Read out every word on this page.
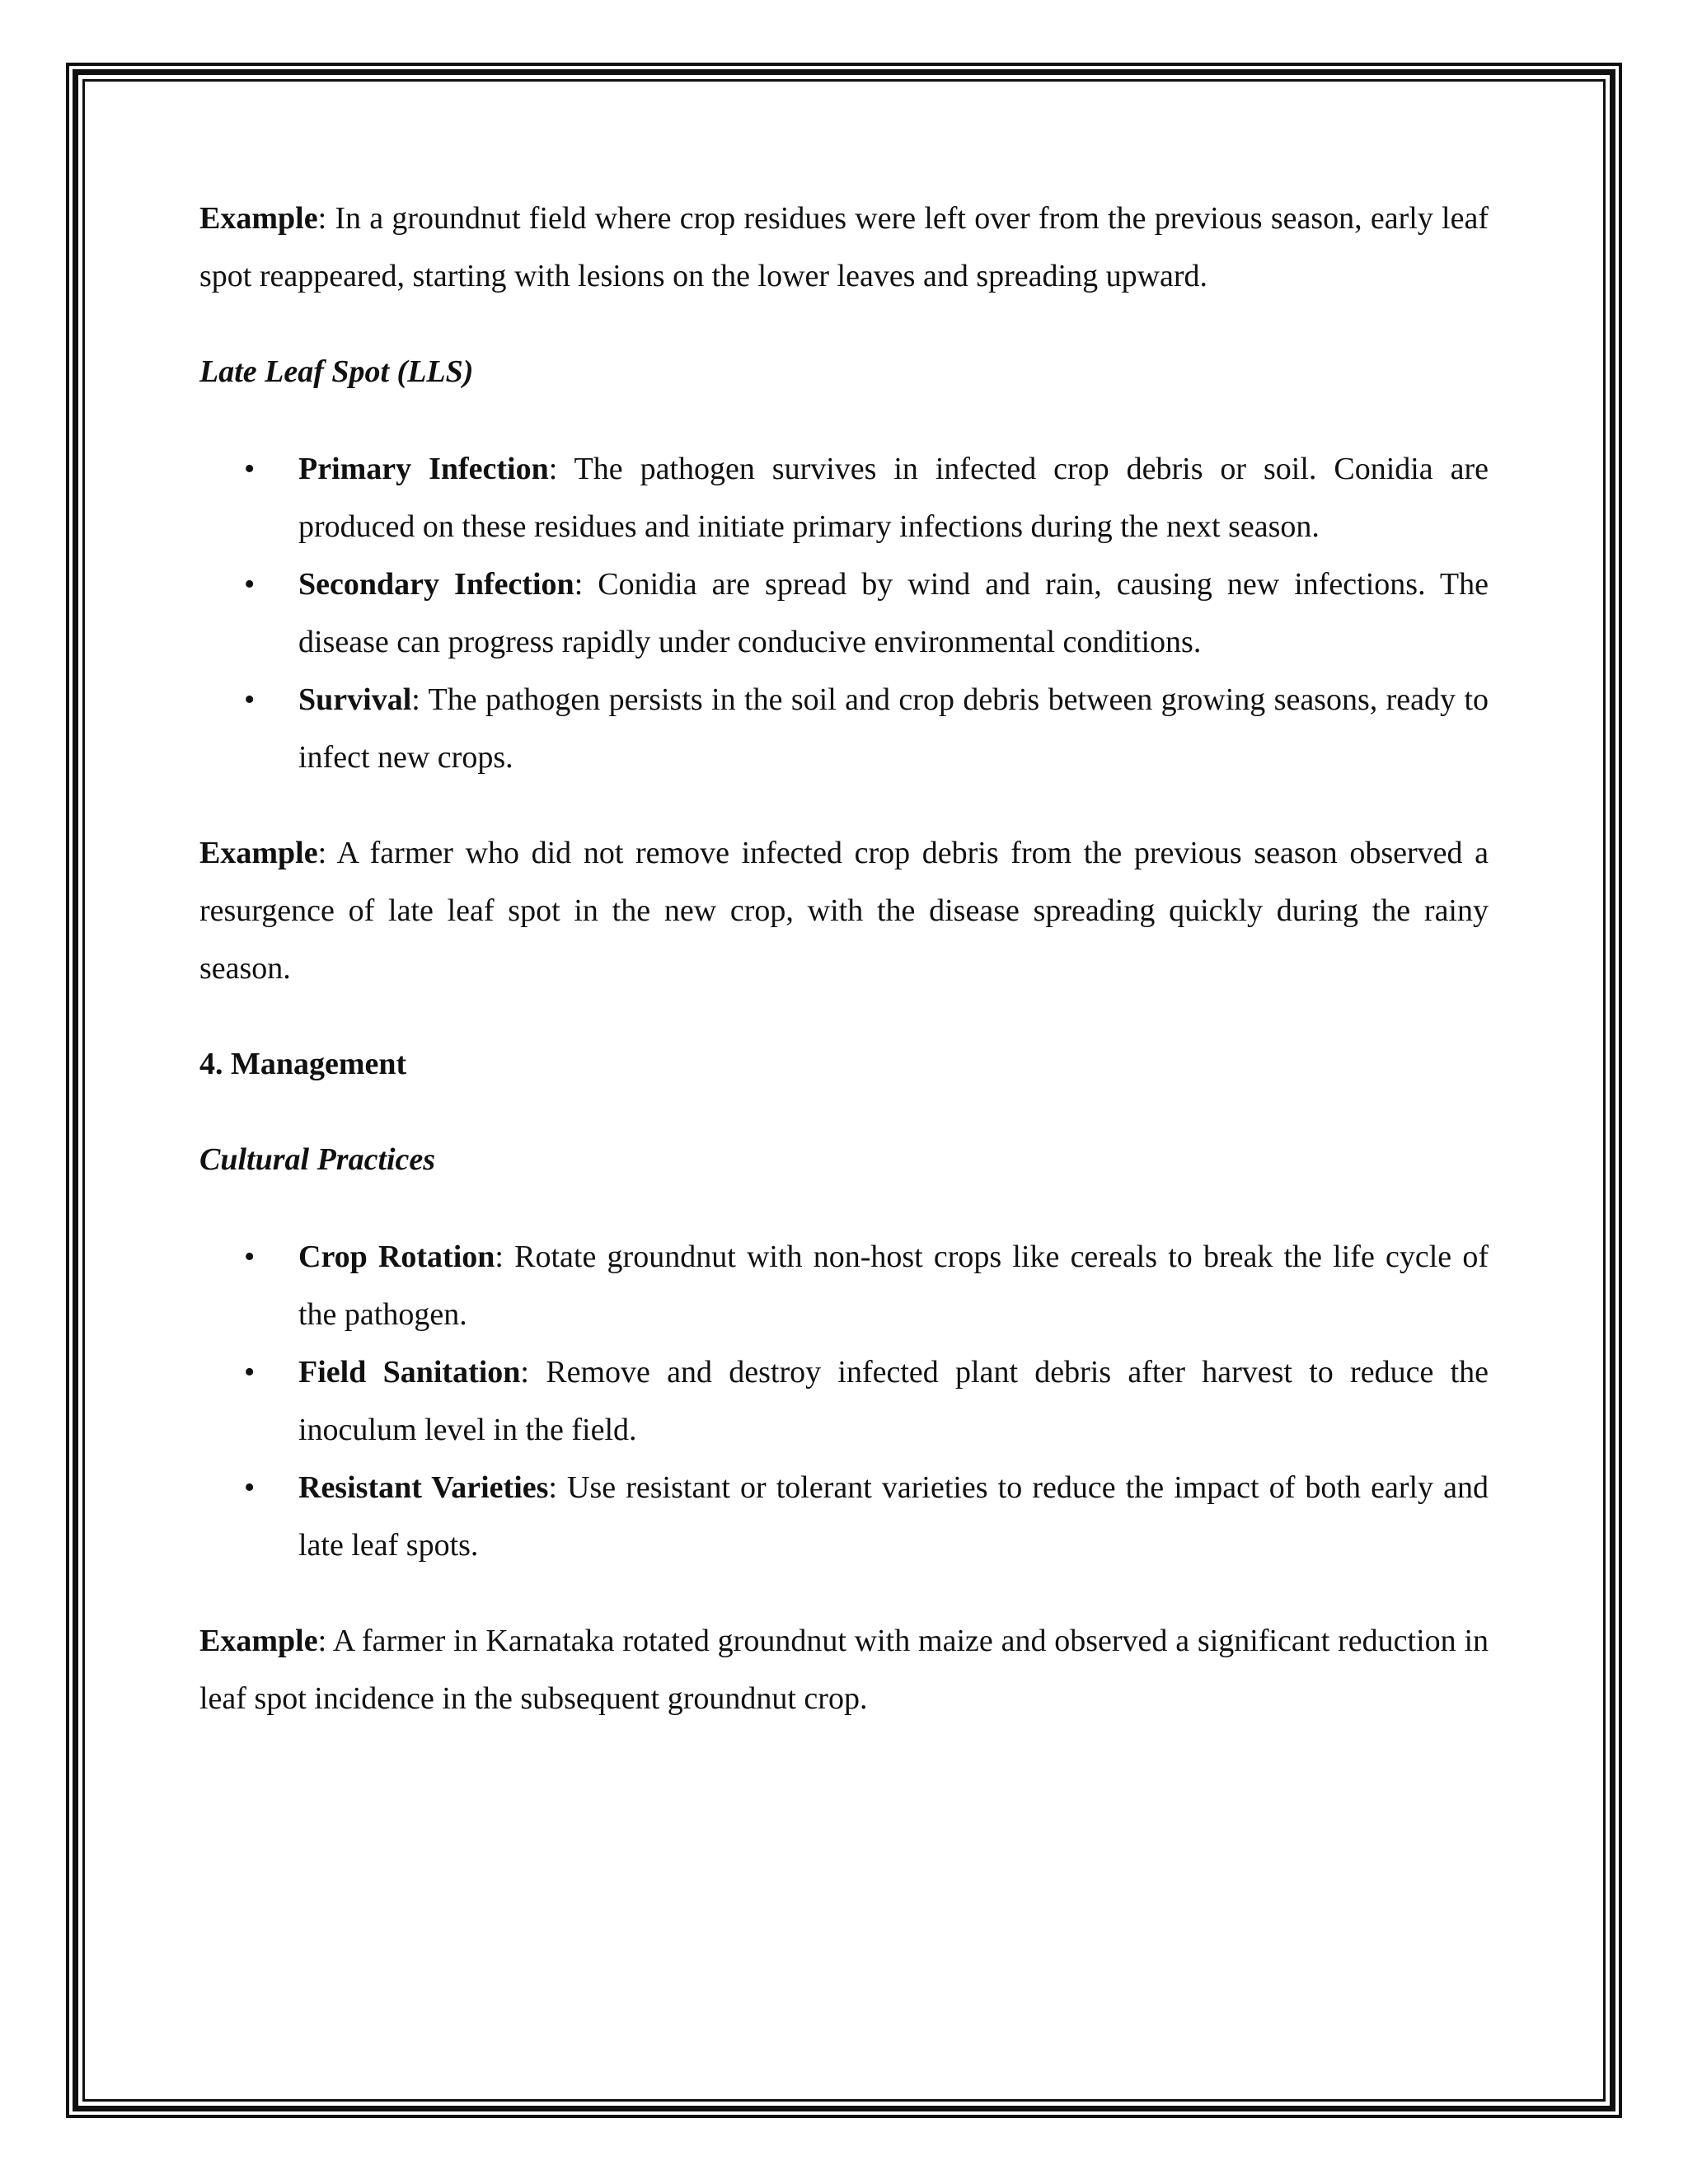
Example: In a groundnut field where crop residues were left over from the previous season, early leaf spot reappeared, starting with lesions on the lower leaves and spreading upward.

Late Leaf Spot (LLS)

• Primary Infection: The pathogen survives in infected crop debris or soil. Conidia are produced on these residues and initiate primary infections during the next season.
• Secondary Infection: Conidia are spread by wind and rain, causing new infections. The disease can progress rapidly under conducive environmental conditions.
• Survival: The pathogen persists in the soil and crop debris between growing seasons, ready to infect new crops.

Example: A farmer who did not remove infected crop debris from the previous season observed a resurgence of late leaf spot in the new crop, with the disease spreading quickly during the rainy season.

4. Management

Cultural Practices

• Crop Rotation: Rotate groundnut with non-host crops like cereals to break the life cycle of the pathogen.
• Field Sanitation: Remove and destroy infected plant debris after harvest to reduce the inoculum level in the field.
• Resistant Varieties: Use resistant or tolerant varieties to reduce the impact of both early and late leaf spots.

Example: A farmer in Karnataka rotated groundnut with maize and observed a significant reduction in leaf spot incidence in the subsequent groundnut crop.
